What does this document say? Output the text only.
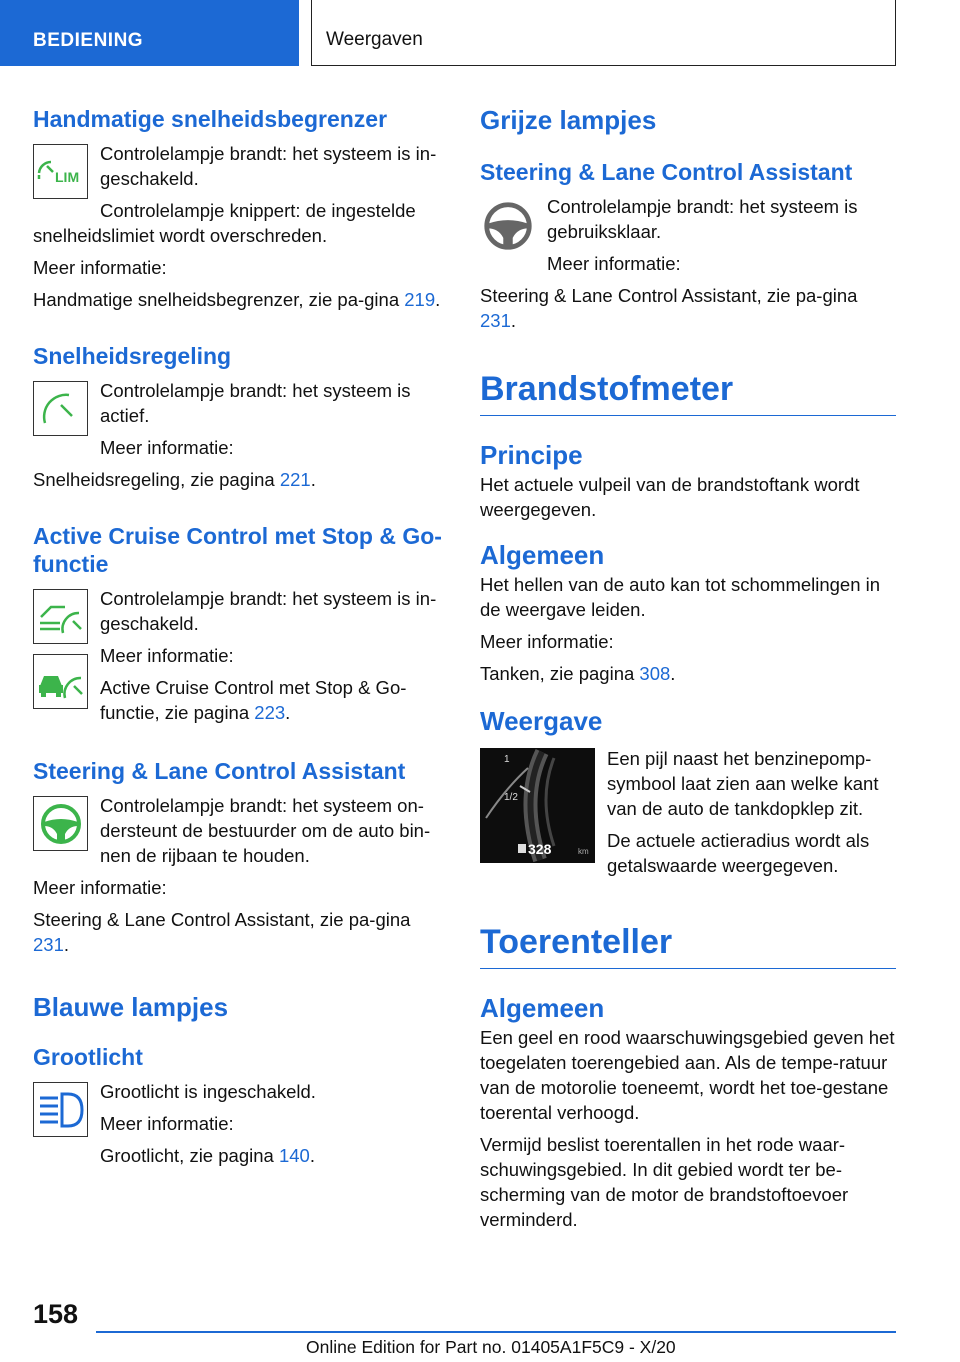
BEDIENING	Weergaven
Handmatige snelheidsbegrenzer
LIM

Controlelampje brandt: het systeem is in-geschakeld.

Controlelampje knippert: de ingestelde snelheidslimiet wordt overschreden.

Meer informatie:

Handmatige snelheidsbegrenzer, zie pa-gina 219.

Snelheidsregeling

Controlelampje brandt: het systeem is actief.

Meer informatie:

Snelheidsregeling, zie pagina 221.

Active Cruise Control met Stop & Go-functie

Controlelampje brandt: het systeem is in-geschakeld.

Meer informatie:

Active Cruise Control met Stop & Go-functie, zie pagina 223.

Steering & Lane Control Assistant

Controlelampje brandt: het systeem on-dersteunt de bestuurder om de auto bin-nen de rijbaan te houden.

Meer informatie:

Steering & Lane Control Assistant, zie pa-gina 231.

Blauwe lampjes
Grootlicht

Grootlicht is ingeschakeld.

Meer informatie:

Grootlicht, zie pagina 140.

Grijze lampjes
Steering & Lane Control Assistant

Controlelampje brandt: het systeem is gebruiksklaar.

Meer informatie:

Steering & Lane Control Assistant, zie pa-gina 231.

Brandstofmeter
Principe

Het actuele vulpeil van de brandstoftank wordt weergegeven.

Algemeen

Het hellen van de auto kan tot schommelingen in de weergave leiden.

Meer informatie:

Tanken, zie pagina 308.

Weergave
1
1/2
328	km

Een pijl naast het benzinepomp-symbool laat zien aan welke kant van de auto de tankdopklep zit.

De actuele actieradius wordt als getalswaarde weergegeven.

Toerenteller
Algemeen

Een geel en rood waarschuwingsgebied geven het toegelaten toerengebied aan. Als de tempe-ratuur van de motorolie toeneemt, wordt het toe-gestane toerental verhoogd.

Vermijd beslist toerentallen in het rode waar-schuwingsgebied. In dit gebied wordt ter be-scherming van de motor de brandstoftoevoer verminderd.

158
Online Edition for Part no. 01405A1F5C9 - X/20
